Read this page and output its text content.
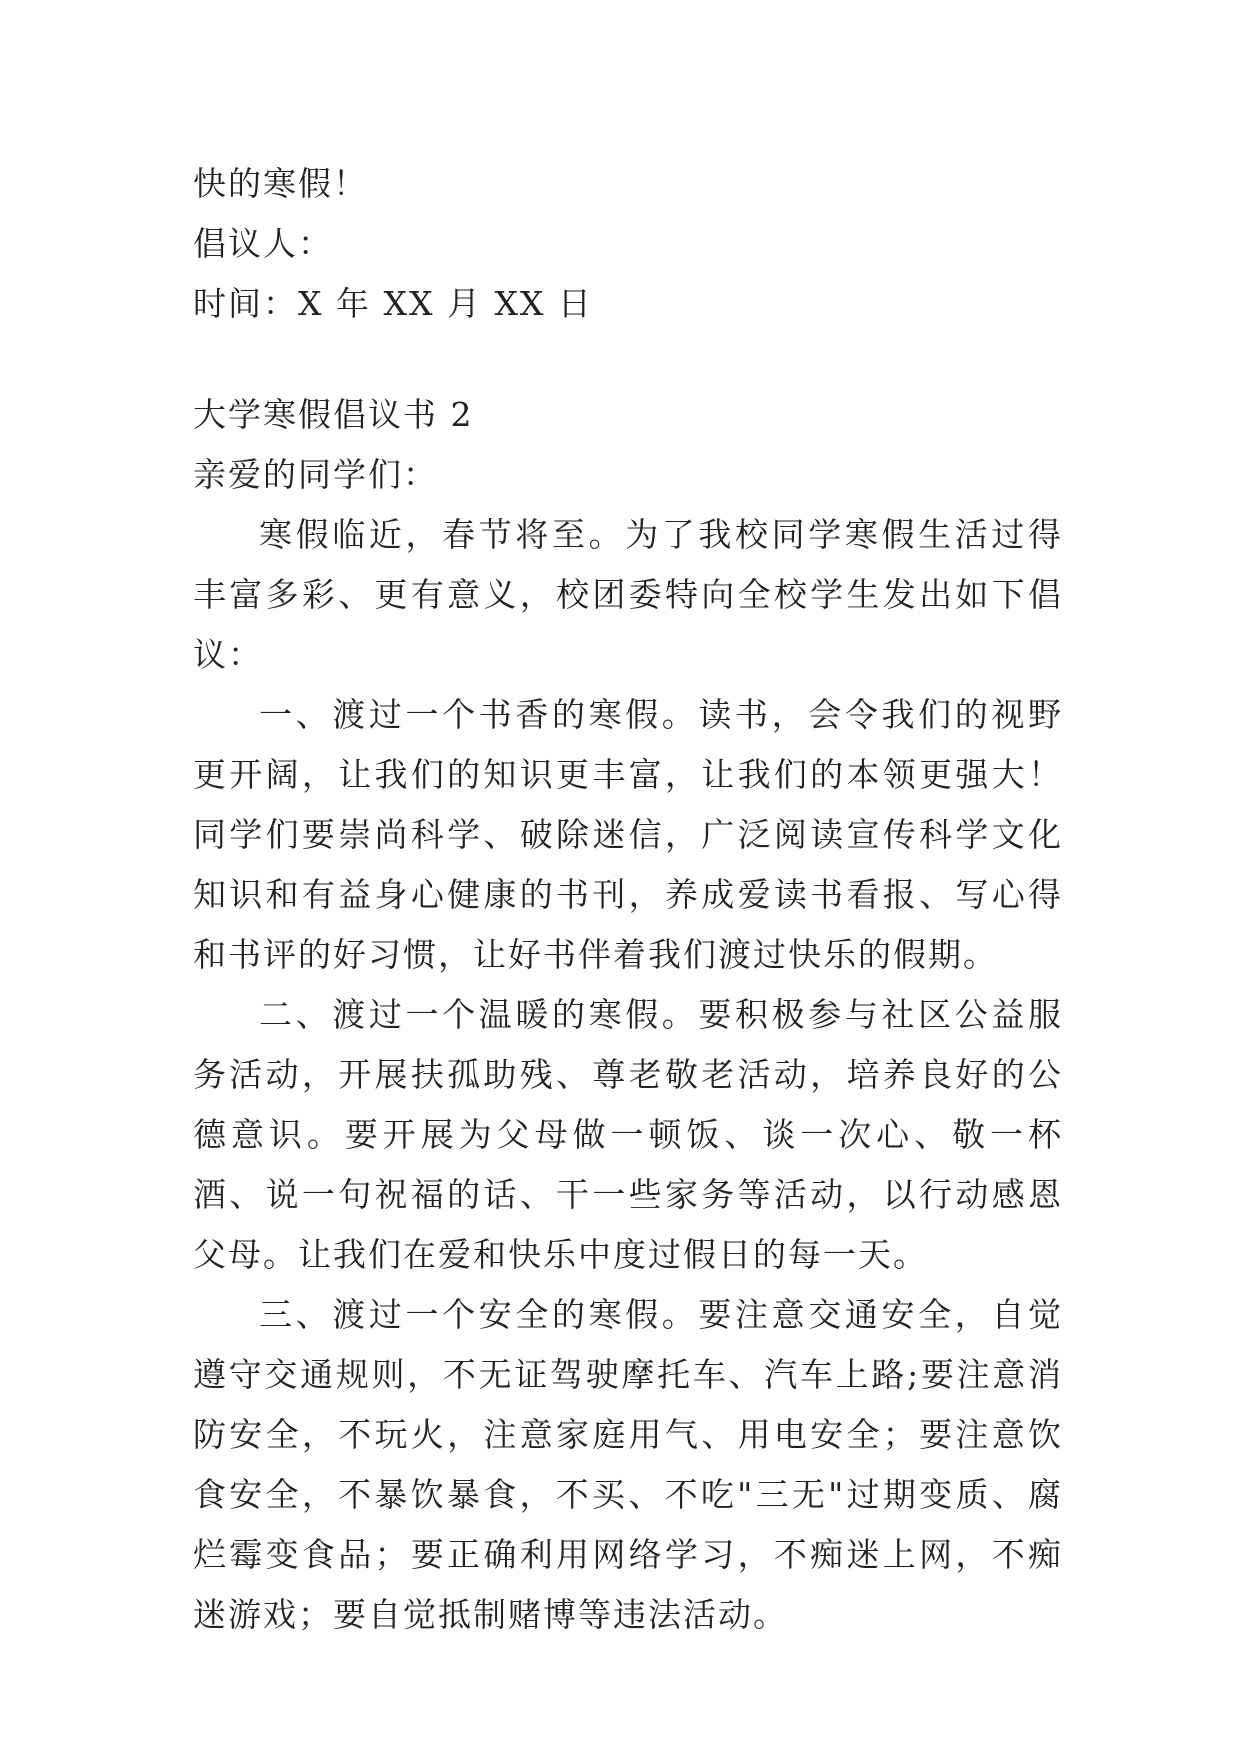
快的寒假！

倡议人：

时间：X 年 XX 月 XX 日

大学寒假倡议书 2

亲爱的同学们：

寒假临近，春节将至。为了我校同学寒假生活过得丰富多彩、更有意义，校团委特向全校学生发出如下倡议：

一、渡过一个书香的寒假。读书，会令我们的视野更开阔，让我们的知识更丰富，让我们的本领更强大！同学们要崇尚科学、破除迷信，广泛阅读宣传科学文化知识和有益身心健康的书刊，养成爱读书看报、写心得和书评的好习惯，让好书伴着我们渡过快乐的假期。

二、渡过一个温暖的寒假。要积极参与社区公益服务活动，开展扶孤助残、尊老敬老活动，培养良好的公德意识。要开展为父母做一顿饭、谈一次心、敬一杯酒、说一句祝福的话、干一些家务等活动，以行动感恩父母。让我们在爱和快乐中度过假日的每一天。

三、渡过一个安全的寒假。要注意交通安全，自觉遵守交通规则，不无证驾驶摩托车、汽车上路;要注意消防安全，不玩火，注意家庭用气、用电安全；要注意饮食安全，不暴饮暴食，不买、不吃"三无"过期变质、腐烂霉变食品；要正确利用网络学习，不痴迷上网，不痴迷游戏；要自觉抵制赌博等违法活动。
